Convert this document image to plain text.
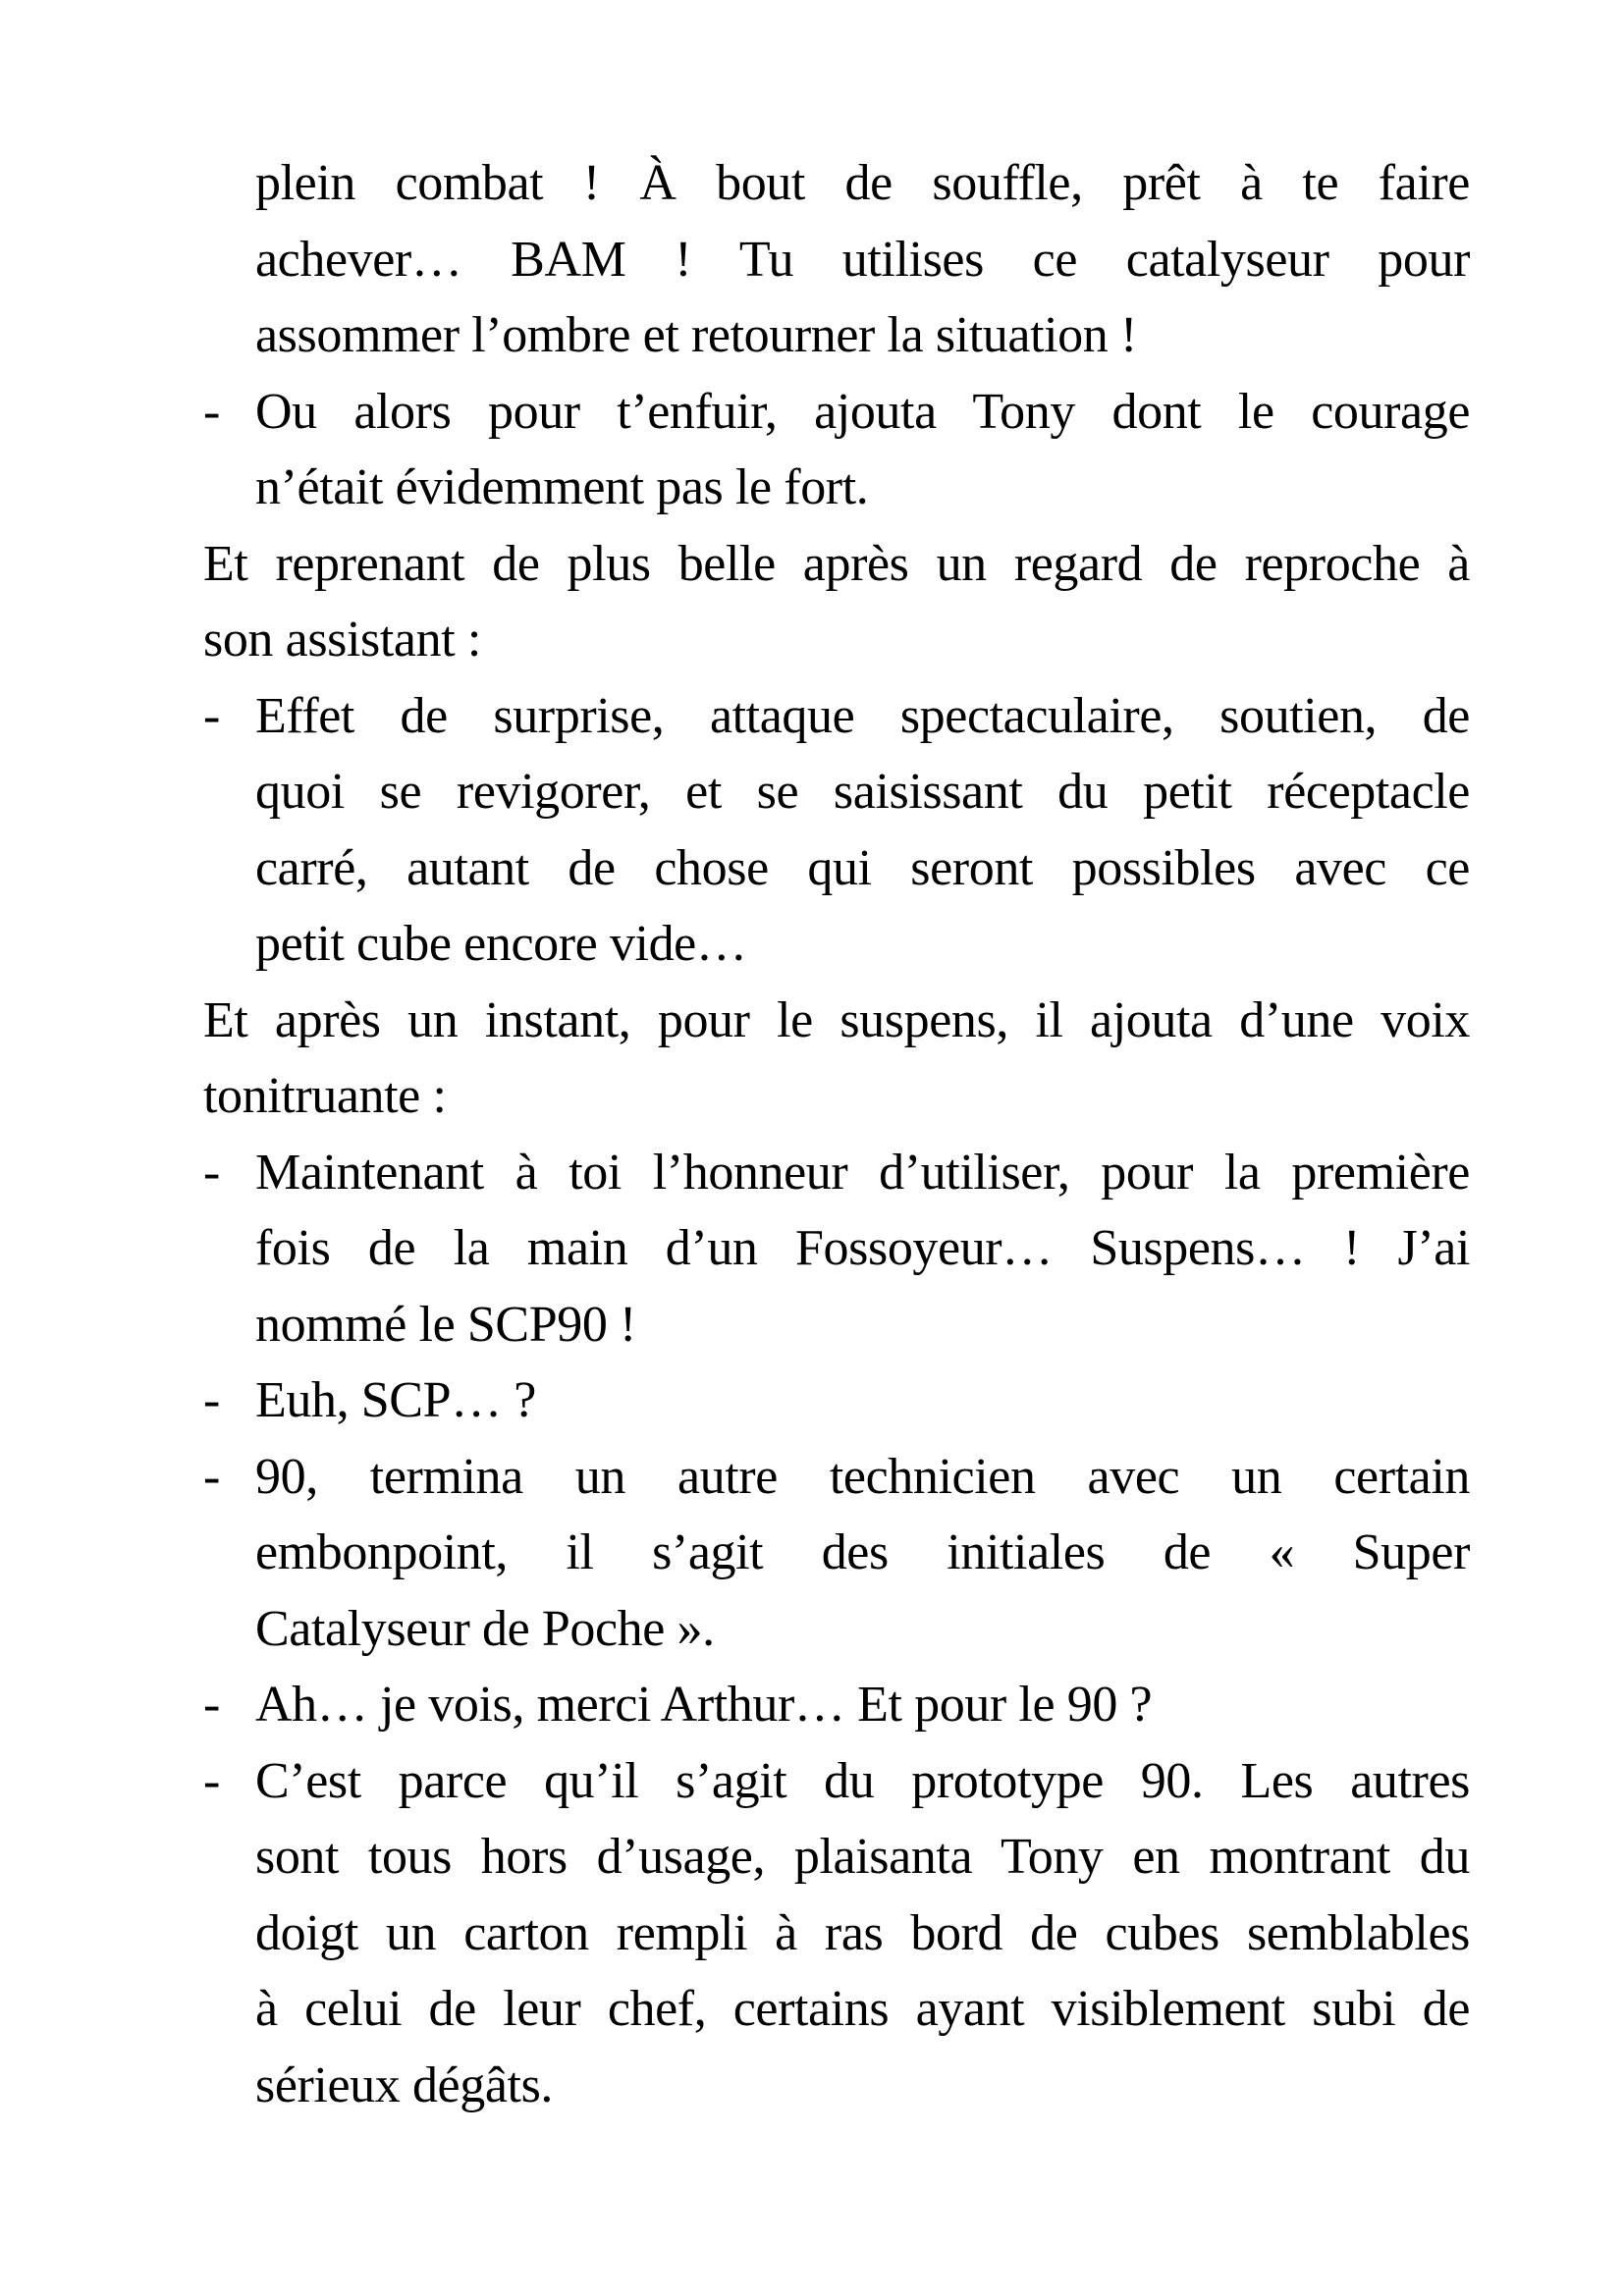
plein combat ! À bout de souffle, prêt à te faire
achever… BAM ! Tu utilises ce catalyseur pour
assommer l’ombre et retourner la situation !
- Ou alors pour t’enfuir, ajouta Tony dont le courage
n’était évidemment pas le fort.
Et reprenant de plus belle après un regard de reproche à
son assistant :
- Effet de surprise, attaque spectaculaire, soutien, de
quoi se revigorer, et se saisissant du petit réceptacle
carré, autant de chose qui seront possibles avec ce
petit cube encore vide…
Et après un instant, pour le suspens, il ajouta d’une voix
tonitruante :
- Maintenant à toi l’honneur d’utiliser, pour la première
fois de la main d’un Fossoyeur… Suspens… ! J’ai
nommé le SCP90 !
- Euh, SCP… ?
- 90, termina un autre technicien avec un certain
embonpoint, il s’agit des initiales de « Super
Catalyseur de Poche ».
- Ah… je vois, merci Arthur… Et pour le 90 ?
- C’est parce qu’il s’agit du prototype 90. Les autres
sont tous hors d’usage, plaisanta Tony en montrant du
doigt un carton rempli à ras bord de cubes semblables
à celui de leur chef, certains ayant visiblement subi de
sérieux dégâts.
